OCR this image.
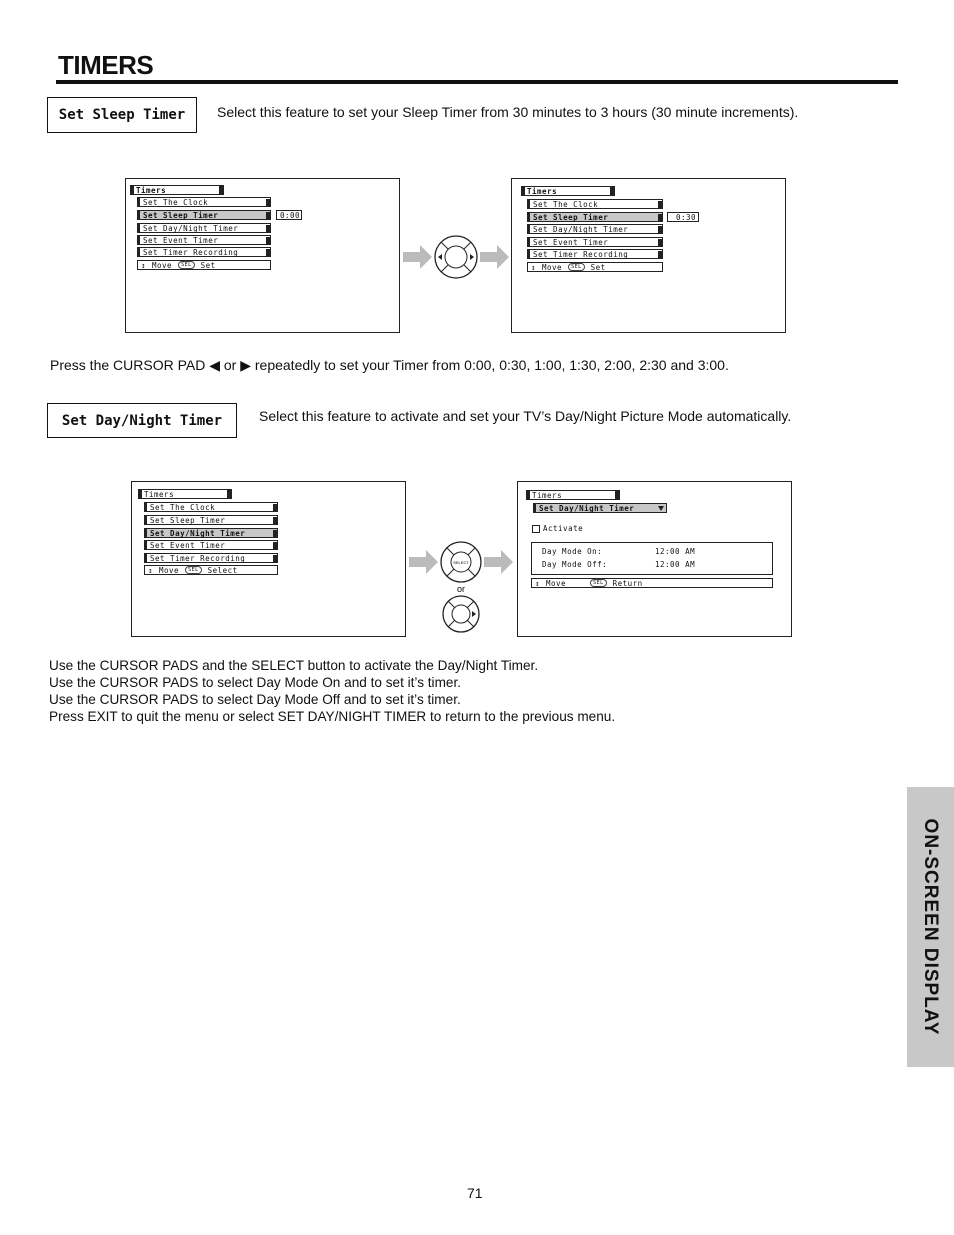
TIMERS
Set Sleep Timer	Select this feature to set your Sleep Timer from 30 minutes to 3 hours (30 minute increments).
Timers
Set The Clock
Set Sleep Timer	0:00
Set Day/Night Timer
Set Event Timer
Set Timer Recording
↕ Move	SEL	Set
Timers
Set The Clock
Set Sleep Timer	0:30
Set Day/Night Timer
Set Event Timer
Set Timer Recording
↕ Move	SEL	Set
Press the CURSOR PAD ◀ or ▶ repeatedly to set your Timer from 0:00, 0:30, 1:00, 1:30, 2:00, 2:30 and 3:00.
Set Day/Night Timer	Select this feature to activate and set your TV’s Day/Night Picture Mode automatically.
Timers
Set The Clock
Set Sleep Timer
Set Day/Night Timer
Set Event Timer
Set Timer Recording
↕ Move	SEL	Select
SELECT
or
Timers
Set Day/Night Timer
Activate
Day Mode On:	12:00 AM
Day Mode Off:	12:00 AM
↕ Move	SEL	Return
Use the CURSOR PADS and the SELECT button to activate the Day/Night Timer.
Use the CURSOR PADS to select Day Mode On and to set it’s timer.
Use the CURSOR PADS to select Day Mode Off and to set it’s timer.
Press EXIT to quit the menu or select SET DAY/NIGHT TIMER to return to the previous menu.
ON-SCREEN DISPLAY
71
